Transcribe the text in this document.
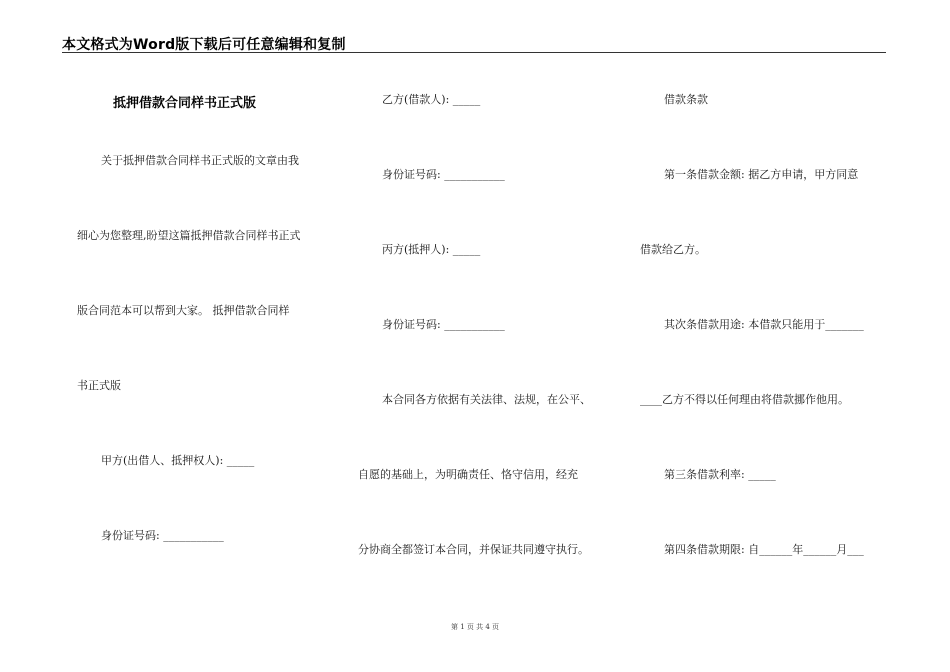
本文格式为Word版下载后可任意编辑和复制
抵押借款合同样书正式版
关于抵押借款合同样书正式版的文章由我
细心为您整理,盼望这篇抵押借款合同样书正式
版合同范本可以帮到大家。 抵押借款合同样
书正式版
甲方(出借人、抵押权人): _____
身份证号码: ___________
乙方(借款人): _____
身份证号码: ___________
丙方(抵押人): _____
身份证号码: ___________
本合同各方依据有关法律、法规，在公平、
自愿的基础上，为明确责任、恪守信用，经充
分协商全都签订本合同，并保证共同遵守执行。
借款条款
第一条借款金额: 据乙方申请，甲方同意
借款给乙方。
其次条借款用途: 本借款只能用于_______
____乙方不得以任何理由将借款挪作他用。
第三条借款利率: _____
第四条借款期限: 自______年______月___
第 1 页 共 4 页
